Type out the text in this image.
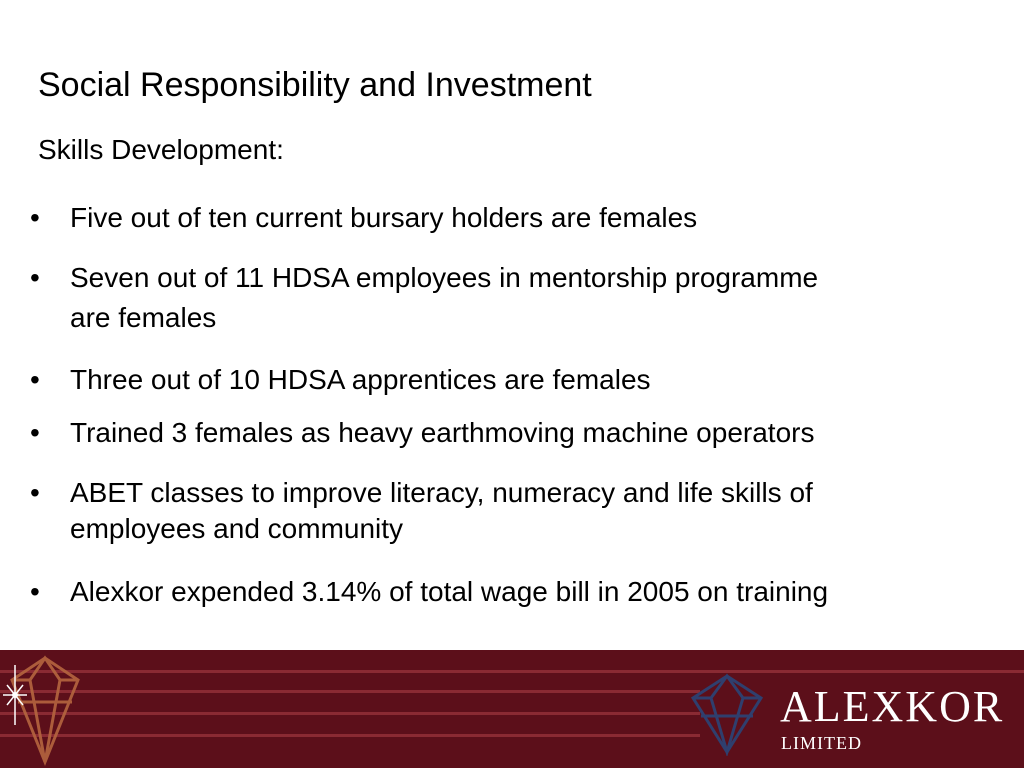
Social Responsibility and Investment
Skills Development:
•	Five out of ten current bursary holders are females
•	Seven out of 11 HDSA employees in mentorship programme
are females
•	Three out of 10 HDSA apprentices are females
•	Trained 3 females as heavy earthmoving machine operators
•	ABET classes to improve literacy, numeracy and life skills of
employees and community
•	Alexkor expended 3.14% of total wage bill in 2005 on training
ALEXKOR
LIMITED
